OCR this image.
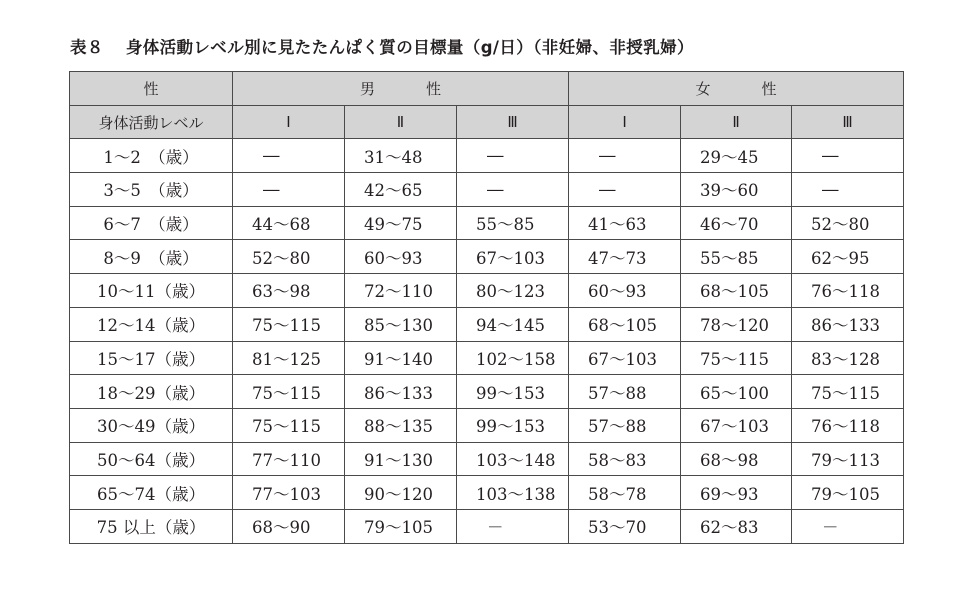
表８ 身体活動レベル別に見たたんぱく質の目標量（g/日）（非妊婦、非授乳婦）
性	男　性			女　性		
身体活動レベル	Ⅰ	Ⅱ	Ⅲ	Ⅰ	Ⅱ	Ⅲ
1～2　（歳）	―	31～48	―	―	29～45	―
3～5　（歳）	―	42～65	―	―	39～60	―
6～7　（歳）	44～68	49～75	55～85	41～63	46～70	52～80
8～9　（歳）	52～80	60～93	67～103	47～73	55～85	62～95
10～11（歳）	63～98	72～110	80～123	60～93	68～105	76～118
12～14（歳）	75～115	85～130	94～145	68～105	78～120	86～133
15～17（歳）	81～125	91～140	102～158	67～103	75～115	83～128
18～29（歳）	75～115	86～133	99～153	57～88	65～100	75～115
30～49（歳）	75～115	88～135	99～153	57～88	67～103	76～118
50～64（歳）	77～110	91～130	103～148	58～83	68～98	79～113
65～74（歳）	77～103	90～120	103～138	58～78	69～93	79～105
75 以上（歳）	68～90	79～105	－	53～70	62～83	－
